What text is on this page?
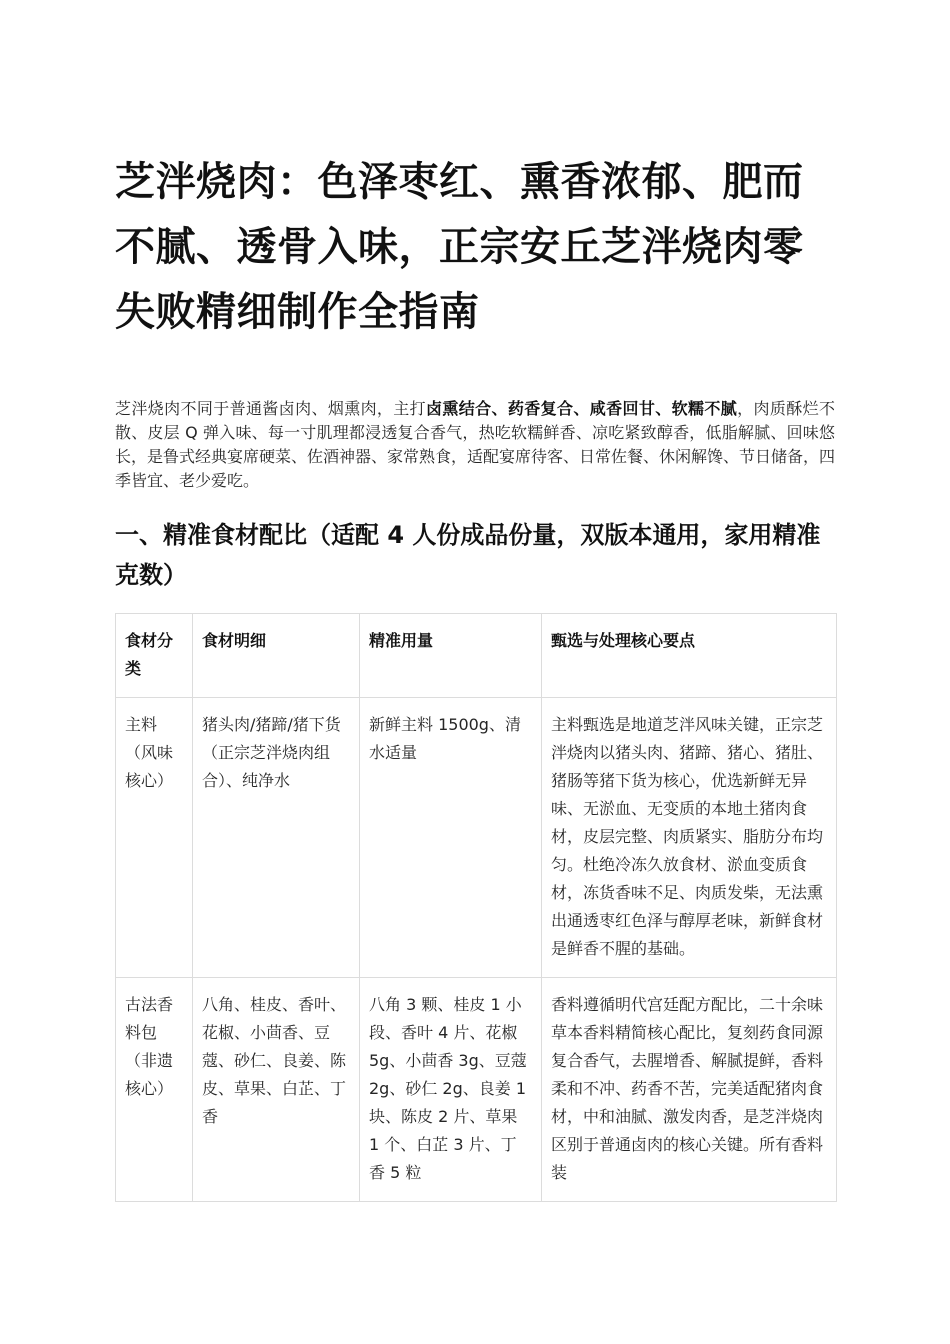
芝泮烧肉：色泽枣红、熏香浓郁、肥而不腻、透骨入味，正宗安丘芝泮烧肉零失败精细制作全指南

芝泮烧肉不同于普通酱卤肉、烟熏肉，主打卤熏结合、药香复合、咸香回甘、软糯不腻，肉质酥烂不散、皮层 Q 弹入味、每一寸肌理都浸透复合香气，热吃软糯鲜香、凉吃紧致醇香，低脂解腻、回味悠长，是鲁式经典宴席硬菜、佐酒神器、家常熟食，适配宴席待客、日常佐餐、休闲解馋、节日储备，四季皆宜、老少爱吃。

一、精准食材配比（适配 4 人份成品份量，双版本通用，家用精准克数）
食材分类	食材明细	精准用量	甄选与处理核心要点
主料（风味核心）	猪头肉/猪蹄/猪下货（正宗芝泮烧肉组合）、纯净水	新鲜主料 1500g、清水适量	主料甄选是地道芝泮风味关键，正宗芝泮烧肉以猪头肉、猪蹄、猪心、猪肚、猪肠等猪下货为核心，优选新鲜无异味、无淤血、无变质的本地土猪肉食材，皮层完整、肉质紧实、脂肪分布均匀。杜绝冷冻久放食材、淤血变质食材，冻货香味不足、肉质发柴，无法熏出通透枣红色泽与醇厚老味，新鲜食材是鲜香不腥的基础。
古法香料包（非遗核心）	八角、桂皮、香叶、花椒、小茴香、豆蔻、砂仁、良姜、陈皮、草果、白芷、丁香	八角 3 颗、桂皮 1 小段、香叶 4 片、花椒 5g、小茴香 3g、豆蔻 2g、砂仁 2g、良姜 1 块、陈皮 2 片、草果 1 个、白芷 3 片、丁香 5 粒	香料遵循明代宫廷配方配比，二十余味草本香料精简核心配比，复刻药食同源复合香气，去腥增香、解腻提鲜，香料柔和不冲、药香不苦，完美适配猪肉食材，中和油腻、激发肉香，是芝泮烧肉区别于普通卤肉的核心关键。所有香料装
